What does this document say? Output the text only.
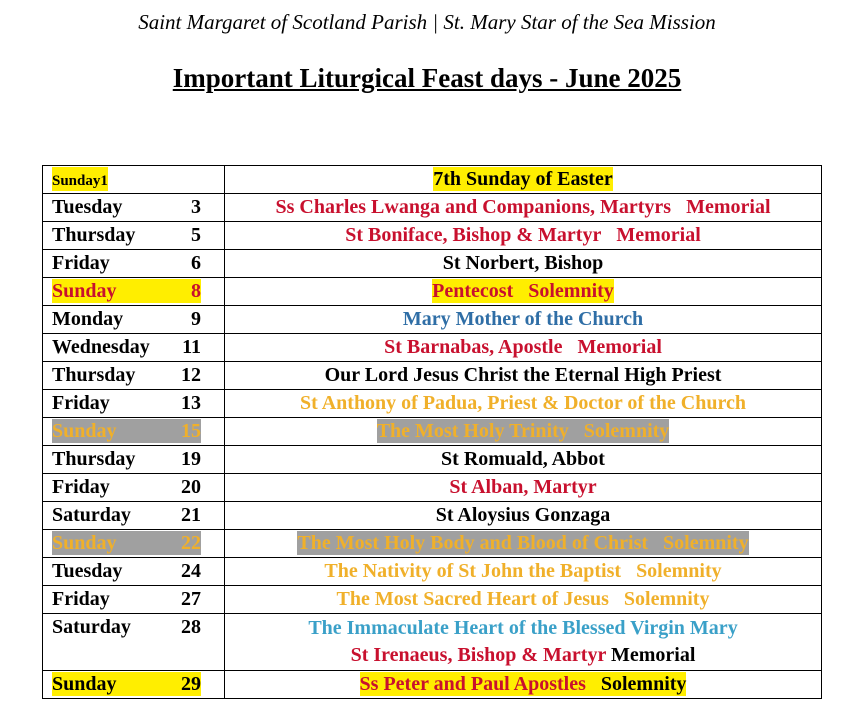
Saint Margaret of Scotland Parish | St. Mary Star of the Sea Mission
Important Liturgical Feast days - June 2025
Sunday1	7th Sunday of Easter
Tuesday 3	Ss Charles Lwanga and Companions, Martyrs Memorial
Thursday 5	St Boniface, Bishop & Martyr Memorial
Friday 6	St Norbert, Bishop
Sunday 8	Pentecost Solemnity
Monday 9	Mary Mother of the Church
Wednesday 11	St Barnabas, Apostle Memorial
Thursday 12	Our Lord Jesus Christ the Eternal High Priest
Friday 13	St Anthony of Padua, Priest & Doctor of the Church
Sunday 15	The Most Holy Trinity Solemnity
Thursday 19	St Romuald, Abbot
Friday 20	St Alban, Martyr
Saturday 21	St Aloysius Gonzaga
Sunday 22	The Most Holy Body and Blood of Christ Solemnity
Tuesday 24	The Nativity of St John the Baptist Solemnity
Friday 27	The Most Sacred Heart of Jesus Solemnity
Saturday 28	The Immaculate Heart of the Blessed Virgin Mary
St Irenaeus, Bishop & Martyr Memorial

Sunday 29	Ss Peter and Paul Apostles Solemnity
